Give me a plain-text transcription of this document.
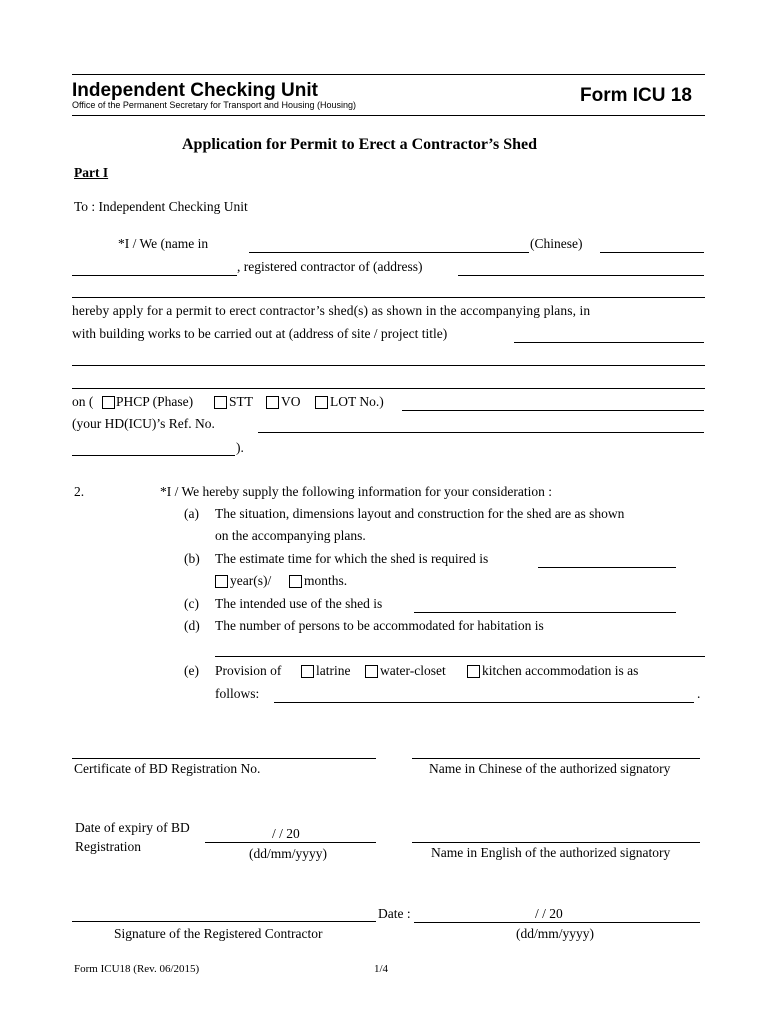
Independent Checking Unit
Office of the Permanent Secretary for Transport and Housing (Housing)	Form ICU 18
Application for Permit to Erect a Contractor’s Shed
Part I
To : Independent Checking Unit
*I / We (name in	(Chinese)
, registered contractor of (address)
hereby apply for a permit to erect contractor’s shed(s) as shown in the accompanying plans, in
with building works to be carried out at (address of site / project title)
on ( PHCP (Phase)	STT VO LOT No.)
(your HD(ICU)’s Ref. No.
).
2.	*I / We hereby supply the following information for your consideration :
(a) The situation, dimensions layout and construction for the shed are as shown
on the accompanying plans.
(b) The estimate time for which the shed is required is
year(s)/ months.
(c) The intended use of the shed is
(d) The number of persons to be accommodated for habitation is
(e) Provision of	latrine water-closet	kitchen accommodation is as
follows:	.
Certificate of BD Registration No.	Name in Chinese of the authorized signatory
Date of expiry of BD
Registration
/ / 20
(dd/mm/yyyy)	Name in English of the authorized signatory
Signature of the Registered Contractor
Date :	/ / 20
(dd/mm/yyyy)
Form ICU18 (Rev. 06/2015)	1/4
